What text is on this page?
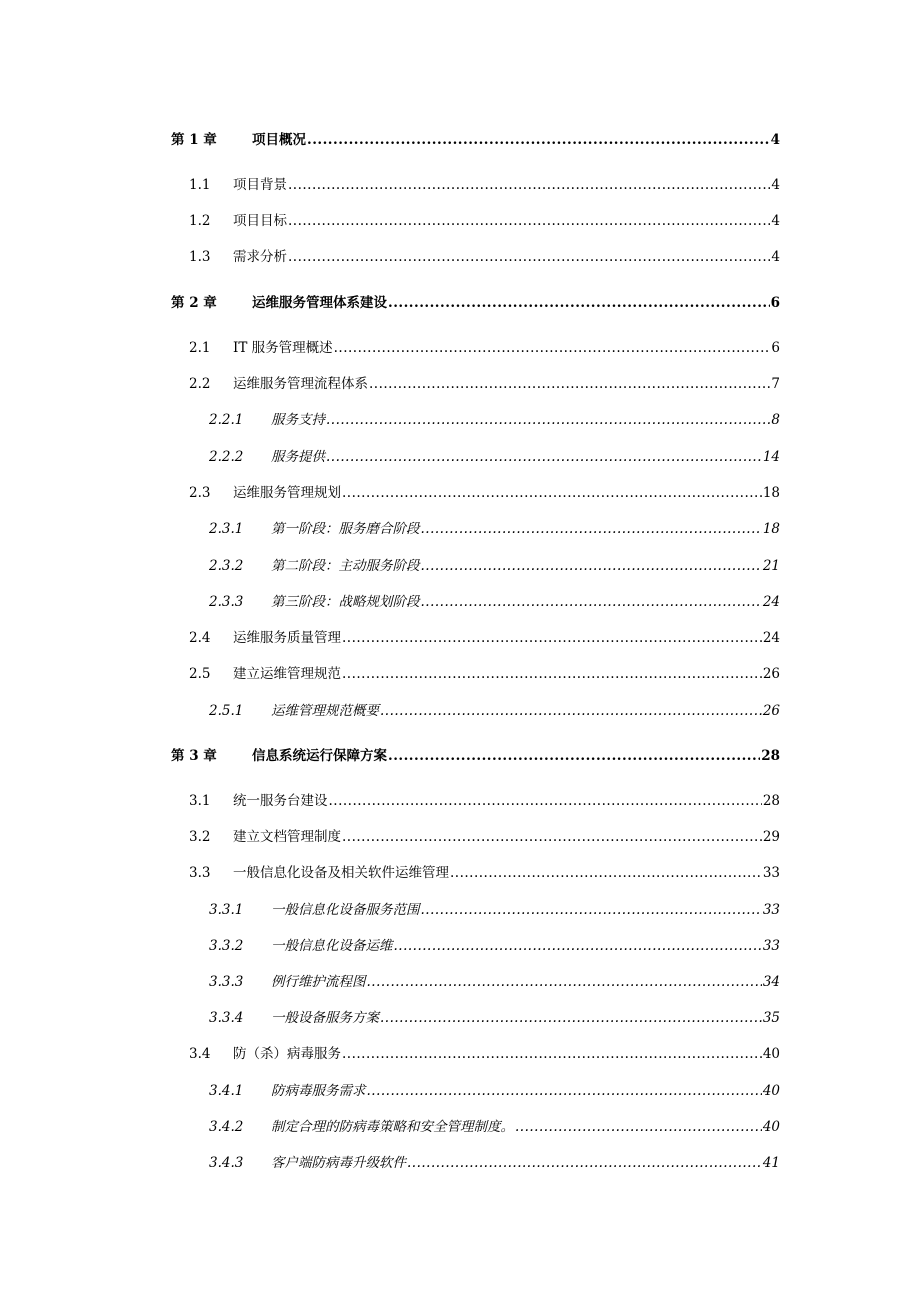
第 1 章	项目概况 .....	4
1.1	项目背景 .....	4
1.2	项目目标 .....	4
1.3	需求分析 .....	4
第 2 章	运维服务管理体系建设 .....	6
2.1	IT 服务管理概述 .....	6
2.2	运维服务管理流程体系 .....	7
2.2.1	服务支持 .....	8
2.2.2	服务提供 .....	14
2.3	运维服务管理规划 .....	18
2.3.1	第一阶段：服务磨合阶段 .....	18
2.3.2	第二阶段：主动服务阶段 .....	21
2.3.3	第三阶段：战略规划阶段 .....	24
2.4	运维服务质量管理 .....	24
2.5	建立运维管理规范 .....	26
2.5.1	运维管理规范概要 .....	26
第 3 章	信息系统运行保障方案 .....	28
3.1	统一服务台建设 .....	28
3.2	建立文档管理制度 .....	29
3.3	一般信息化设备及相关软件运维管理 .....	33
3.3.1	一般信息化设备服务范围 .....	33
3.3.2	一般信息化设备运维 .....	33
3.3.3	例行维护流程图 .....	34
3.3.4	一般设备服务方案 .....	35
3.4	防（杀）病毒服务 .....	40
3.4.1	防病毒服务需求 .....	40
3.4.2	制定合理的防病毒策略和安全管理制度。 .....	40
3.4.3	客户端防病毒升级软件 .....	41
